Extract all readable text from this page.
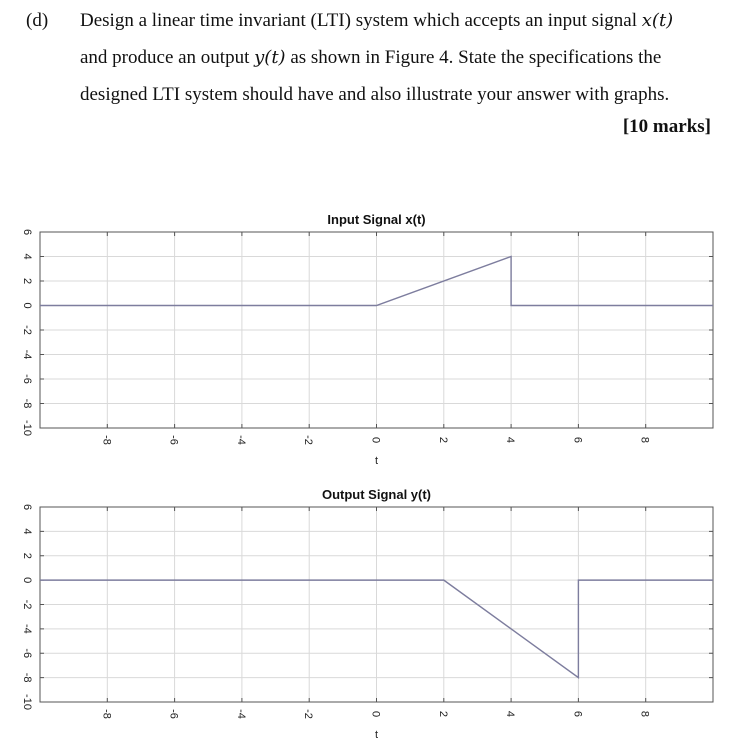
(d) Design a linear time invariant (LTI) system which accepts an input signal x(t)
and produce an output y(t) as shown in Figure 4. State the specifications the
designed LTI system should have and also illustrate your answer with graphs.
[10 marks]
-8	-6	-4	-2	0	2	4	6	8
6
4
2
0
-2
-4
-6
-8
-10
Input Signal x(t)
t
-8	-6	-4	-2	0	2	4	6	8
6
4
2
0
-2
-4
-6
-8
-10
Output Signal y(t)
t
